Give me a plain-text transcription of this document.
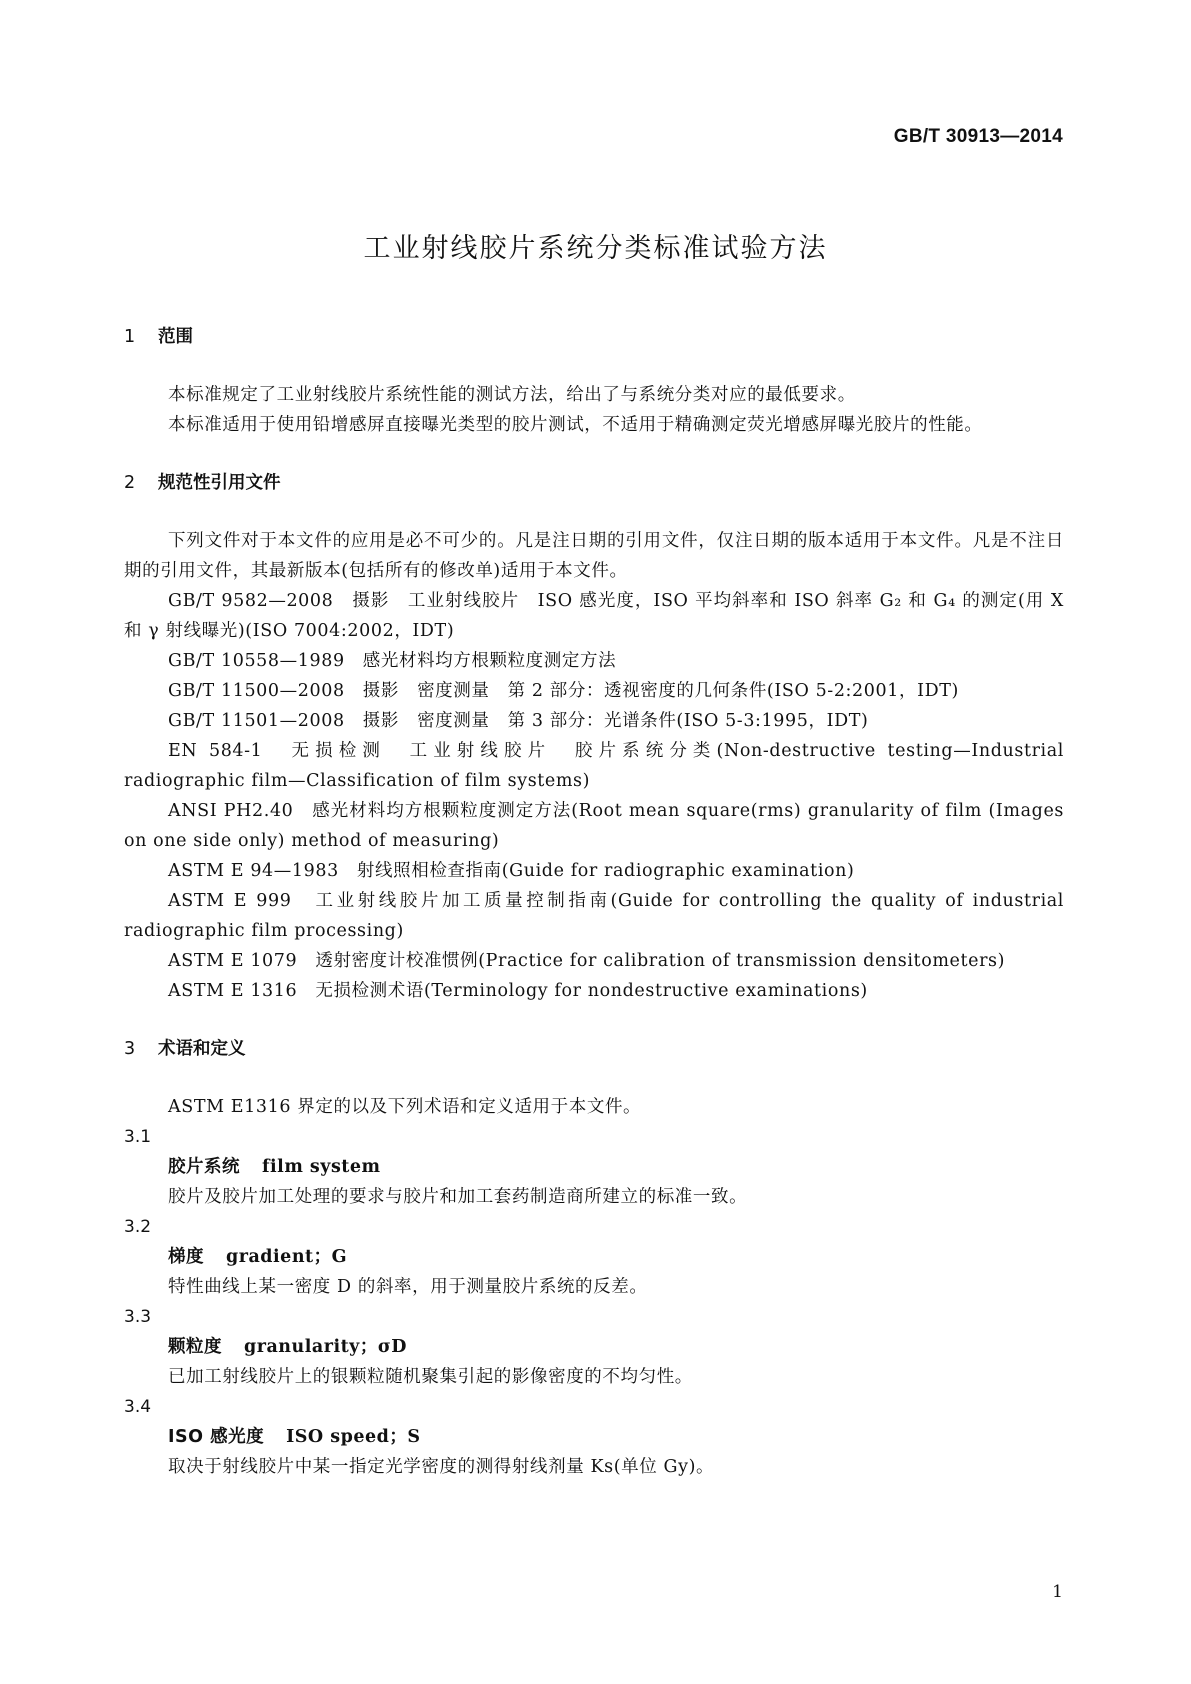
GB/T 30913—2014
工业射线胶片系统分类标准试验方法
1 范围

本标准规定了工业射线胶片系统性能的测试方法，给出了与系统分类对应的最低要求。

本标准适用于使用铅增感屏直接曝光类型的胶片测试，不适用于精确测定荧光增感屏曝光胶片的性能。

2 规范性引用文件

下列文件对于本文件的应用是必不可少的。凡是注日期的引用文件，仅注日期的版本适用于本文件。凡是不注日期的引用文件，其最新版本(包括所有的修改单)适用于本文件。

GB/T 9582—2008　摄影　工业射线胶片　ISO 感光度，ISO 平均斜率和 ISO 斜率 G₂ 和 G₄ 的测定(用 X 和 γ 射线曝光)(ISO 7004:2002，IDT)

GB/T 10558—1989　感光材料均方根颗粒度测定方法

GB/T 11500—2008　摄影　密度测量　第 2 部分：透视密度的几何条件(ISO 5-2:2001，IDT)

GB/T 11501—2008　摄影　密度测量　第 3 部分：光谱条件(ISO 5-3:1995，IDT)

EN 584-1　无损检测　工业射线胶片　胶片系统分类(Non-destructive testing—Industrial radiographic film—Classification of film systems)

ANSI PH2.40　感光材料均方根颗粒度测定方法(Root mean square(rms) granularity of film (Images on one side only) method of measuring)

ASTM E 94—1983　射线照相检查指南(Guide for radiographic examination)

ASTM E 999　工业射线胶片加工质量控制指南(Guide for controlling the quality of industrial radiographic film processing)

ASTM E 1079　透射密度计校准惯例(Practice for calibration of transmission densitometers)

ASTM E 1316　无损检测术语(Terminology for nondestructive examinations)

3 术语和定义

ASTM E1316 界定的以及下列术语和定义适用于本文件。

3.1
胶片系统 film system
胶片及胶片加工处理的要求与胶片和加工套药制造商所建立的标准一致。
3.2
梯度 gradient；G
特性曲线上某一密度 D 的斜率，用于测量胶片系统的反差。
3.3
颗粒度 granularity；σD
已加工射线胶片上的银颗粒随机聚集引起的影像密度的不均匀性。
3.4
ISO 感光度 ISO speed；S
取决于射线胶片中某一指定光学密度的测得射线剂量 Ks(单位 Gy)。
1
